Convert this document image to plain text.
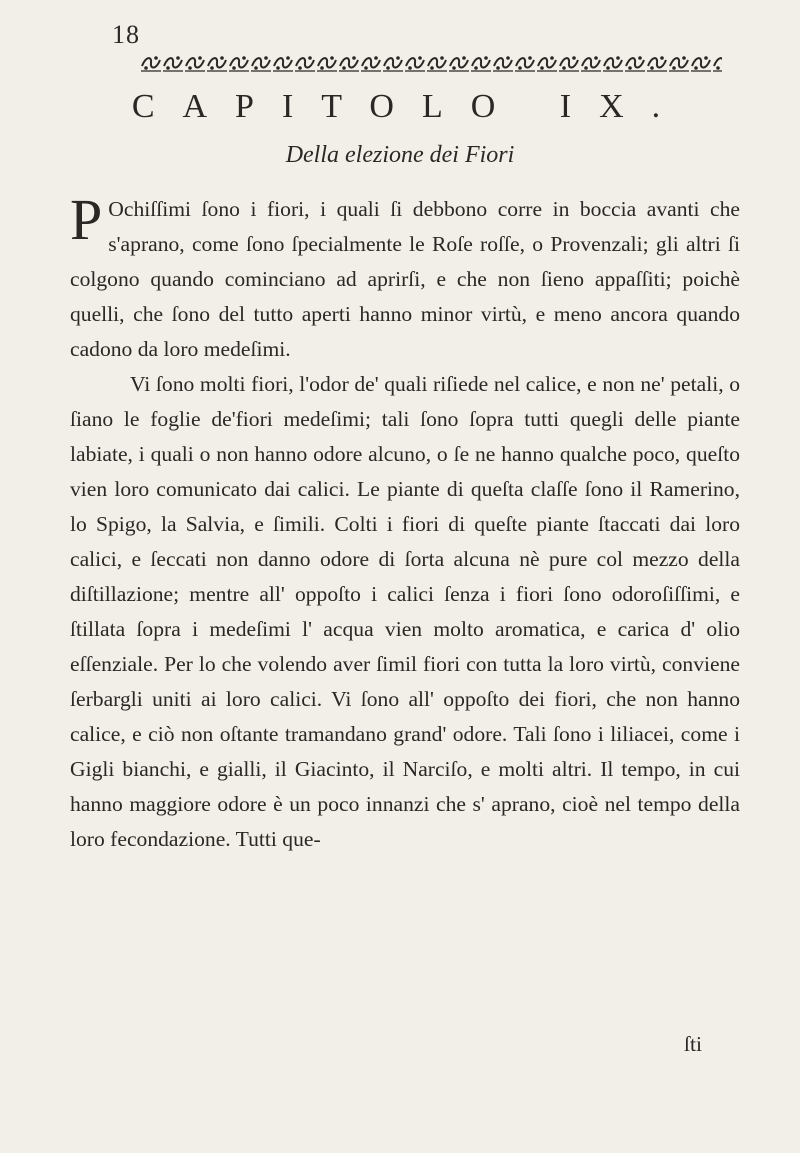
18
CAPITOLO IX.
Della elezione dei Fiori

P Ochiſſimi ſono i fiori, i quali ſi debbono corre in boccia avanti che s'aprano, come ſono ſpecialmente le Roſe roſſe, o Provenzali; gli altri ſi colgono quando cominciano ad aprirſi, e che non ſieno appaſſiti; poichè quelli, che ſono del tutto aperti hanno minor virtù, e meno ancora quando cadono da loro medeſimi.

Vi ſono molti fiori, l'odor de' quali riſiede nel calice, e non ne' petali, o ſiano le foglie de'fiori medeſimi; tali ſono ſopra tutti quegli delle piante labiate, i quali o non hanno odore alcuno, o ſe ne hanno qualche poco, queſto vien loro comunicato dai calici. Le piante di queſta claſſe ſono il Ramerino, lo Spigo, la Salvia, e ſimili. Colti i fiori di queſte piante ſtaccati dai loro calici, e ſeccati non danno odore di ſorta alcuna nè pure col mezzo della diſtillazione; mentre all' oppoſto i calici ſenza i fiori ſono odoroſiſſimi, e ſtillata ſopra i medeſimi l' acqua vien molto aromatica, e carica d' olio eſſenziale. Per lo che volendo aver ſimil fiori con tutta la loro virtù, conviene ſerbargli uniti ai loro calici. Vi ſono all' oppoſto dei fiori, che non hanno calice, e ciò non oſtante tramandano grand' odore. Tali ſono i liliacei, come i Gigli bianchi, e gialli, il Giacinto, il Narciſo, e molti altri. Il tempo, in cui hanno maggiore odore è un poco innanzi che s' aprano, cioè nel tempo della loro fecondazione. Tutti que-

ſti
